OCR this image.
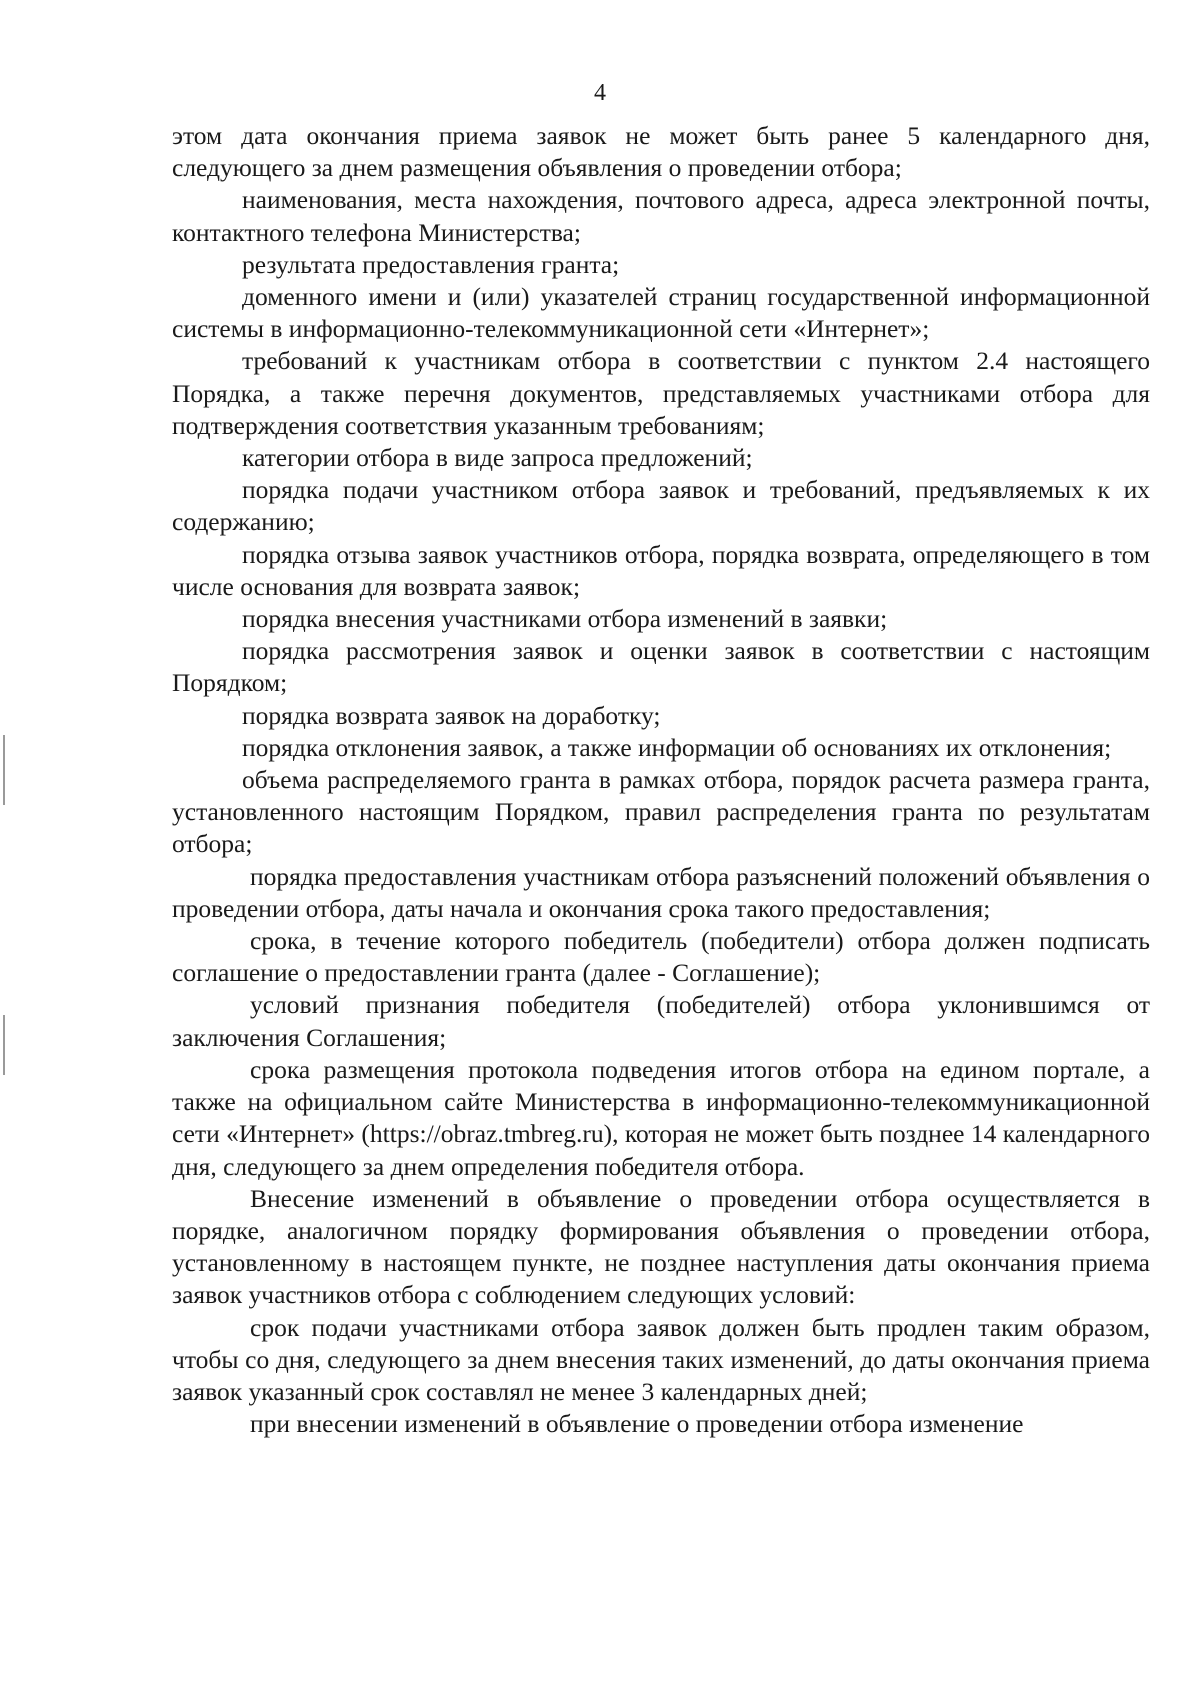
4

этом дата окончания приема заявок не может быть ранее 5 календарного дня, следующего за днем размещения объявления о проведении отбора;

наименования, места нахождения, почтового адреса, адреса электронной почты, контактного телефона Министерства;

результата предоставления гранта;

доменного имени и (или) указателей страниц государственной информационной системы в информационно-телекоммуникационной сети «Интернет»;

требований к участникам отбора в соответствии с пунктом 2.4 настоящего Порядка, а также перечня документов, представляемых участниками отбора для подтверждения соответствия указанным требованиям;

категории отбора в виде запроса предложений;

порядка подачи участником отбора заявок и требований, предъявляемых к их содержанию;

порядка отзыва заявок участников отбора, порядка возврата, определяющего в том числе основания для возврата заявок;

порядка внесения участниками отбора изменений в заявки;

порядка рассмотрения заявок и оценки заявок в соответствии с настоящим Порядком;

порядка возврата заявок на доработку;

порядка отклонения заявок, а также информации об основаниях их отклонения;

объема распределяемого гранта в рамках отбора, порядок расчета размера гранта, установленного настоящим Порядком, правил распределения гранта по результатам отбора;

порядка предоставления участникам отбора разъяснений положений объявления о проведении отбора, даты начала и окончания срока такого предоставления;

срока, в течение которого победитель (победители) отбора должен подписать соглашение о предоставлении гранта (далее - Соглашение);

условий признания победителя (победителей) отбора уклонившимся от заключения Соглашения;

срока размещения протокола подведения итогов отбора на едином портале, а также на официальном сайте Министерства в информационно-телекоммуникационной сети «Интернет» (https://obraz.tmbreg.ru), которая не может быть позднее 14 календарного дня, следующего за днем определения победителя отбора.

Внесение изменений в объявление о проведении отбора осуществляется в порядке, аналогичном порядку формирования объявления о проведении отбора, установленному в настоящем пункте, не позднее наступления даты окончания приема заявок участников отбора с соблюдением следующих условий:

срок подачи участниками отбора заявок должен быть продлен таким образом, чтобы со дня, следующего за днем внесения таких изменений, до даты окончания приема заявок указанный срок составлял не менее 3 календарных дней;

при внесении изменений в объявление о проведении отбора изменение
